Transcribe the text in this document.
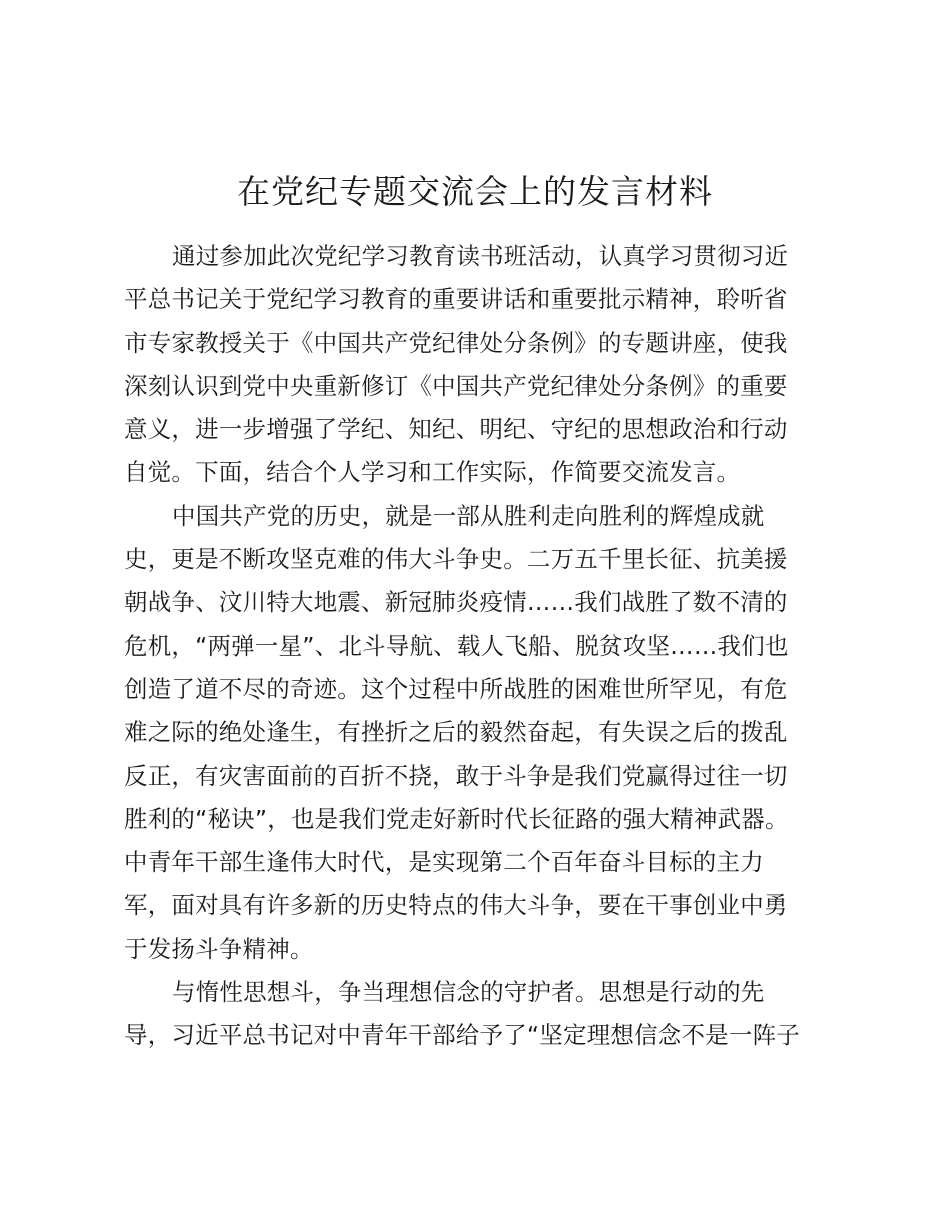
在党纪专题交流会上的发言材料
通过参加此次党纪学习教育读书班活动，认真学习贯彻习近
平总书记关于党纪学习教育的重要讲话和重要批示精神，聆听省
市专家教授关于《中国共产党纪律处分条例》的专题讲座，使我
深刻认识到党中央重新修订《中国共产党纪律处分条例》的重要
意义，进一步增强了学纪、知纪、明纪、守纪的思想政治和行动
自觉。下面，结合个人学习和工作实际，作简要交流发言。
中国共产党的历史，就是一部从胜利走向胜利的辉煌成就
史，更是不断攻坚克难的伟大斗争史。二万五千里长征、抗美援
朝战争、汶川特大地震、新冠肺炎疫情……我们战胜了数不清的
危机，“两弹一星”、北斗导航、载人飞船、脱贫攻坚……我们也
创造了道不尽的奇迹。这个过程中所战胜的困难世所罕见，有危
难之际的绝处逢生，有挫折之后的毅然奋起，有失误之后的拨乱
反正，有灾害面前的百折不挠，敢于斗争是我们党赢得过往一切
胜利的“秘诀”，也是我们党走好新时代长征路的强大精神武器。
中青年干部生逢伟大时代，是实现第二个百年奋斗目标的主力
军，面对具有许多新的历史特点的伟大斗争，要在干事创业中勇
于发扬斗争精神。
与惰性思想斗，争当理想信念的守护者。思想是行动的先
导，习近平总书记对中青年干部给予了“坚定理想信念不是一阵子
